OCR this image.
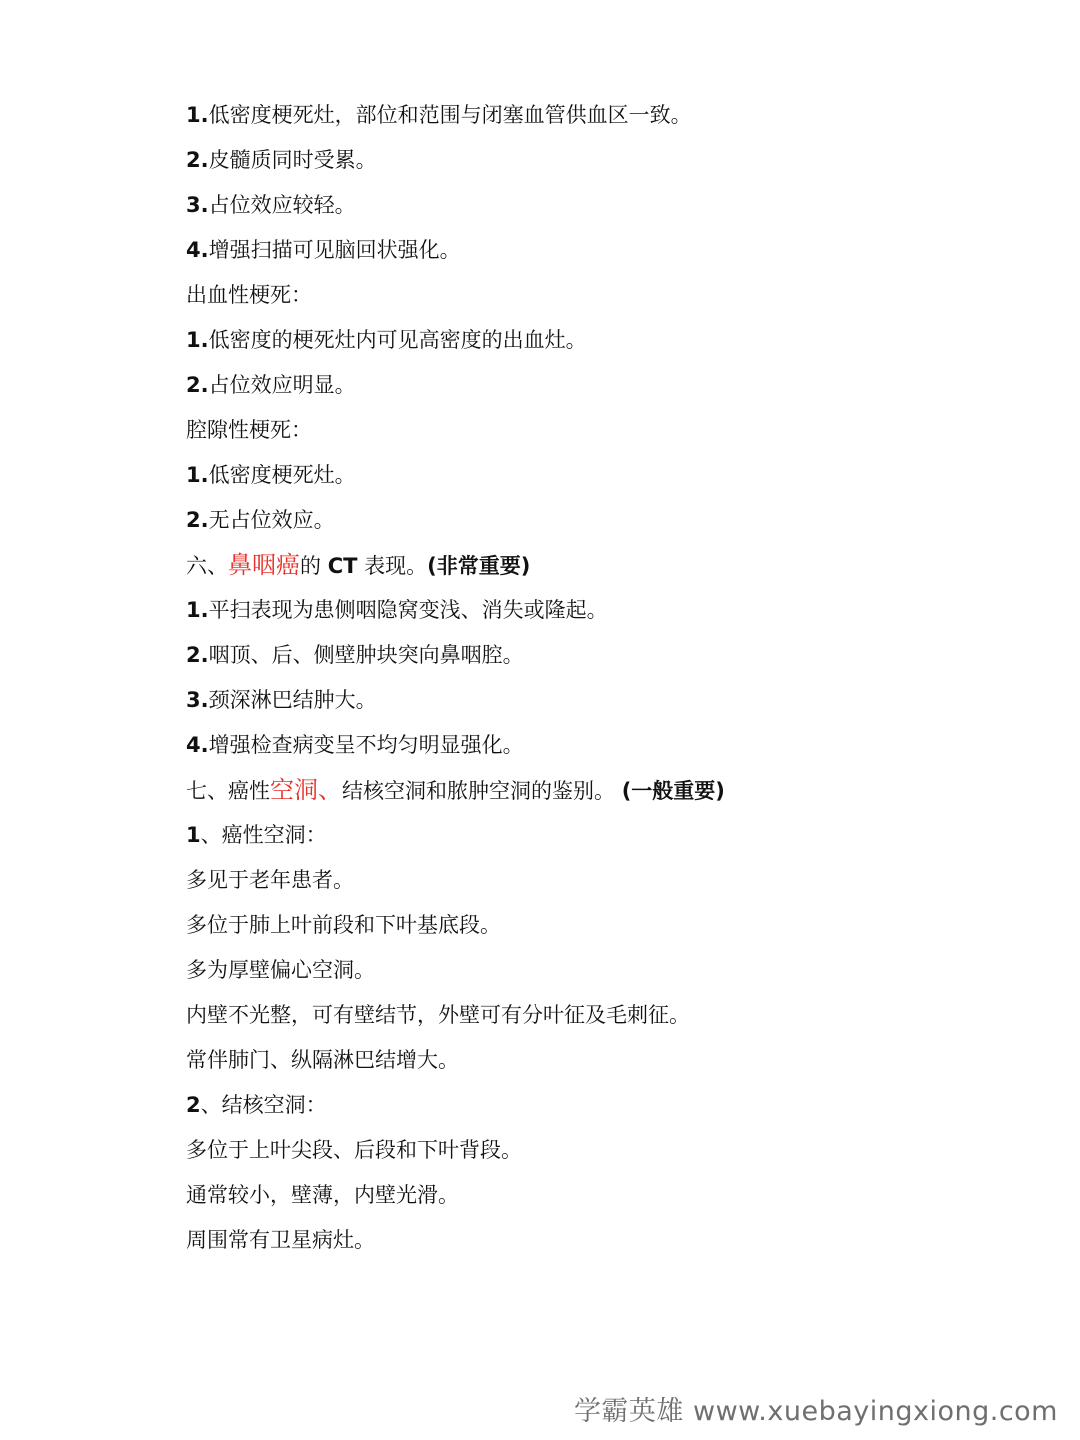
1.低密度梗死灶，部位和范围与闭塞血管供血区一致。
2.皮髓质同时受累。
3.占位效应较轻。
4.增强扫描可见脑回状强化。
出血性梗死：
1.低密度的梗死灶内可见高密度的出血灶。
2.占位效应明显。
腔隙性梗死：
1.低密度梗死灶。
2.无占位效应。
六、鼻咽癌的 CT 表现。(非常重要)
1.平扫表现为患侧咽隐窝变浅、消失或隆起。
2.咽顶、后、侧壁肿块突向鼻咽腔。
3.颈深淋巴结肿大。
4.增强检查病变呈不均匀明显强化。
七、癌性空洞、结核空洞和脓肿空洞的鉴别。 (一般重要)
1、癌性空洞：
多见于老年患者。
多位于肺上叶前段和下叶基底段。
多为厚壁偏心空洞。
内壁不光整，可有壁结节，外壁可有分叶征及毛刺征。
常伴肺门、纵隔淋巴结增大。
2、结核空洞：
多位于上叶尖段、后段和下叶背段。
通常较小，壁薄，内壁光滑。
周围常有卫星病灶。
学霸英雄 www.xuebayingxiong.com
